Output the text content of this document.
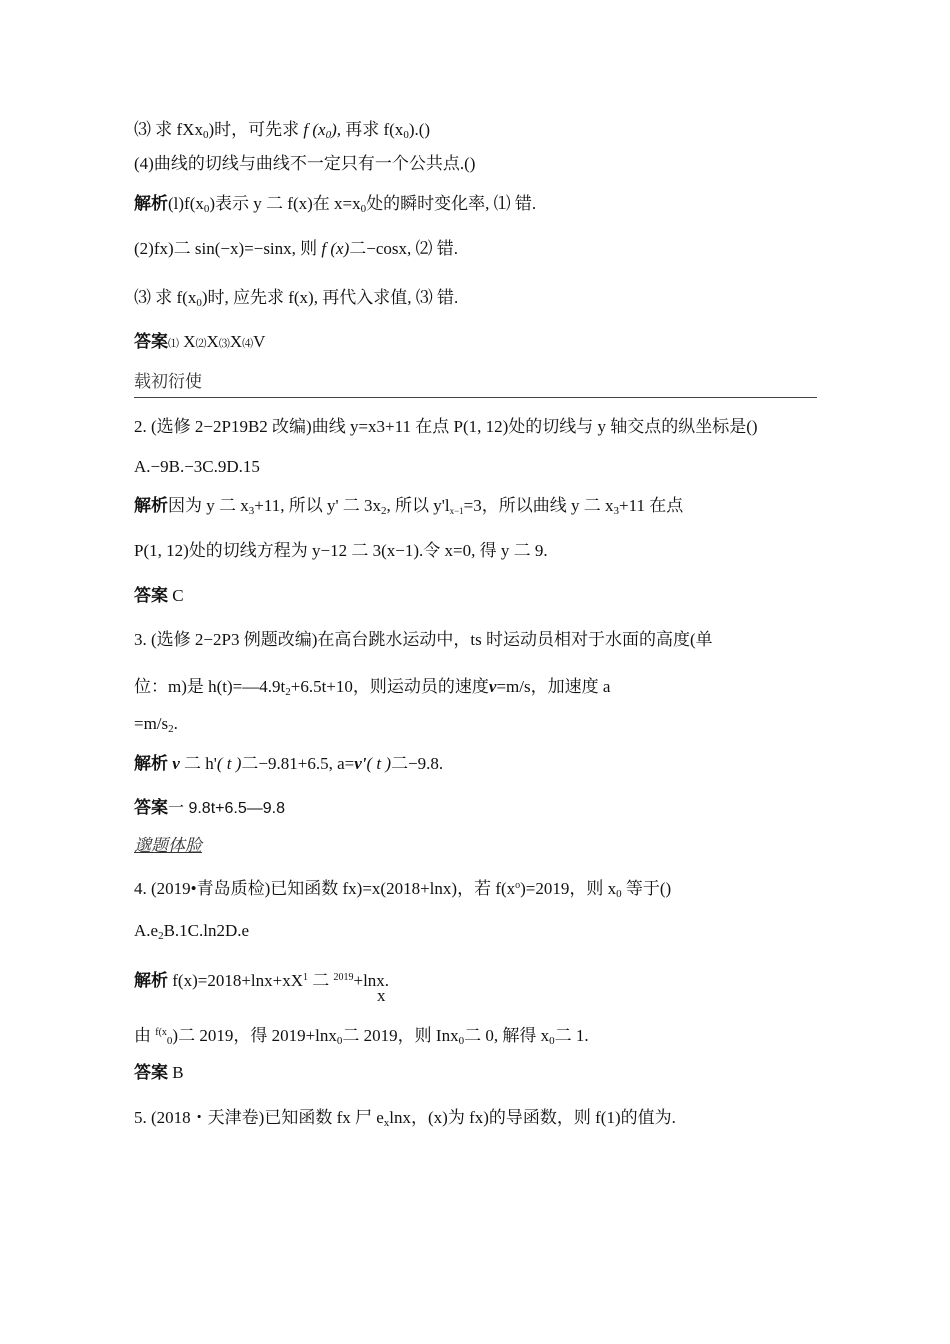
⑶ 求 fXx$_0$)时，可先求 f $(x_0)$, 再求 $f(x_0).()$
(4)曲线的切线与曲线不一定只有一个公共点.()
解析$(l)f(x_0)$表示 y 二 f(x)在 $x=x_0$处的瞬时变化率, ⑴ 错.
(2)fx)二 sin(−x)=−sinx, 则 f (x)二−cosx, ⑵ 错.
⑶ 求 $f(x_0)$时, 应先求 f(x), 再代入求值, ⑶ 错.
答案⑴ X⑵X⑶X⑷V
载初衍使
2. (选修 2−2P19B2 改编)曲线 y=x3+11 在点 P(1, 12)处的切线与 y 轴交点的纵坐标是()
A.−9B.−3C.9D.15
解析因为 y 二 $x_3+11$, 所以 y' 二 $3x_2$, 所以 $y'l_{x-1}=3$，所以曲线 y 二 $x_3+11$ 在点
P(1, 12)处的切线方程为 y−12 二 3(x−1).令 x=0, 得 y 二 9.
答案 C
3. (选修 2−2P3 例题改编)在高台跳水运动中，ts 时运动员相对于水面的高度(单
位：m)是 $h(t)=—4.9t_2+6.5t+10$，则运动员的速度v=m/s，加速度 a
$=m/s_2$.
解析 v 二 h'( t )二−9.81+6.5, a=v'( t )二−9.8.
答案一 9.8t+6.5—9.8
邈题体脸
4. (2019•青岛质检)已知函数 fx)=x(2018+lnx)，若 $f(x^o)=2019$，则 $x_0$ 等于()
$A.e_2B.1C.\ln 2D.e$
解析 $f(x)=2018+\ln x+xX^1$ 二 $^{2019}$+lnx.
x
由 $^{f(x}_0$)二 2019，得 2019+lnx$_0$二 2019，则 Inx$_0$二 0, 解得 $x_0$二 1.
答案 B
5. (2018・天津卷)已知函数 fx 尸 $e_x\ln x$，(x)为 fx)的导函数，则 f(1)的值为.
